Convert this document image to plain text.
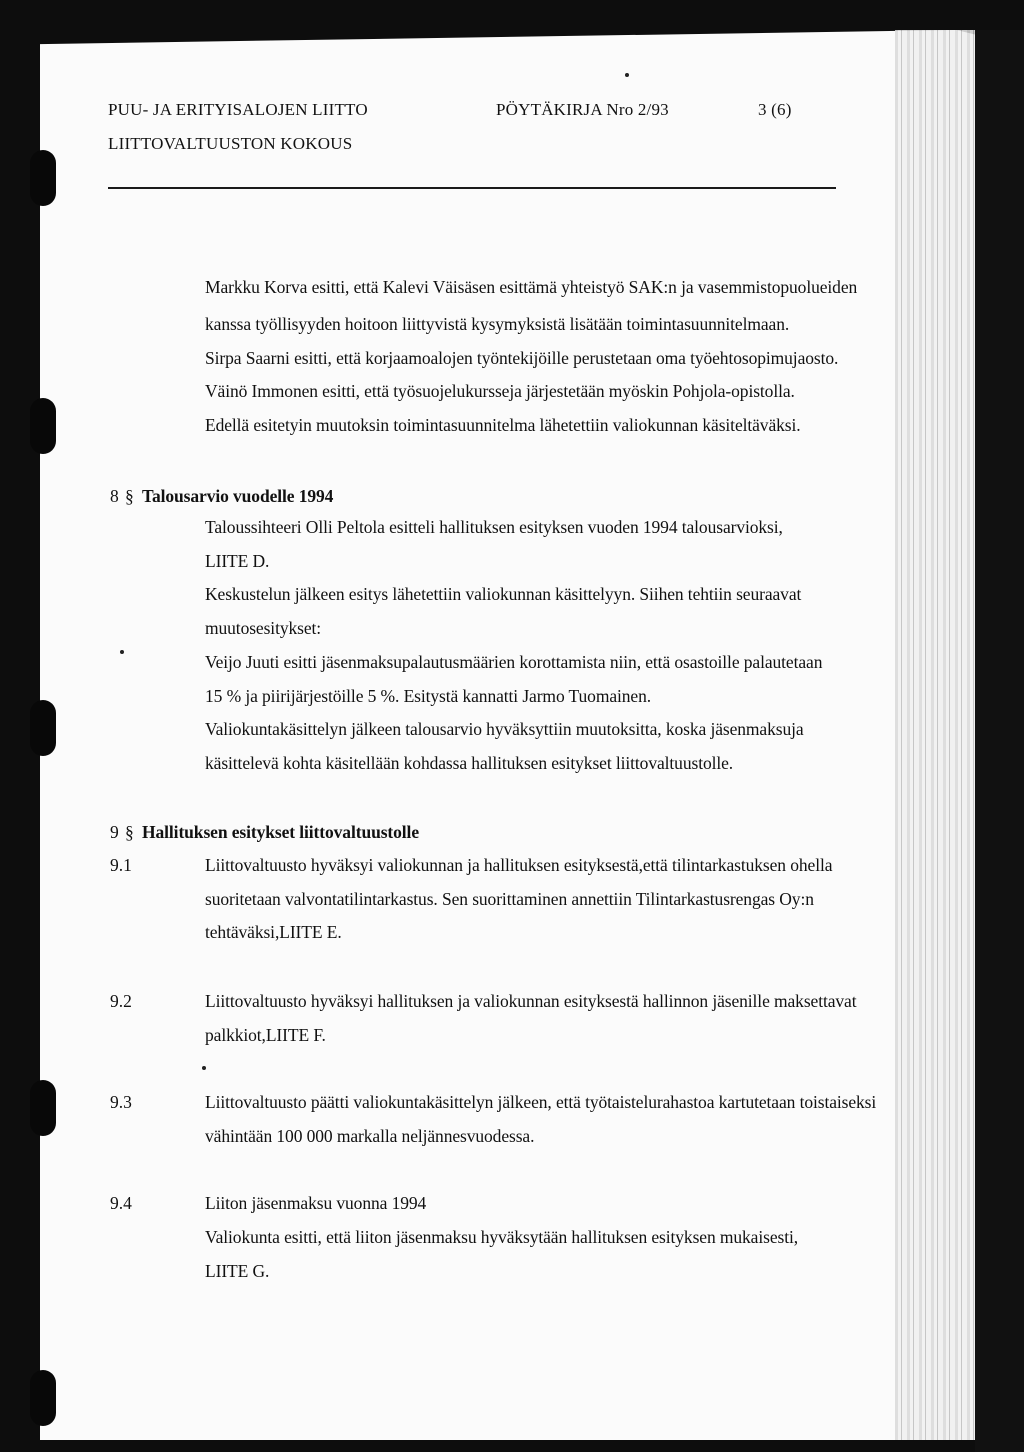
PUU- JA ERITYISALOJEN LIITTO
LIITTOVALTUUSTON KOKOUS
PÖYTÄKIRJA Nro 2/93	3 (6)
Markku Korva esitti, että Kalevi Väisäsen esittämä yhteistyö SAK:n ja vasemmistopuolueiden
kanssa työllisyyden hoitoon liittyvistä kysymyksistä lisätään toimintasuunnitelmaan.
Sirpa Saarni esitti, että korjaamoalojen työntekijöille perustetaan oma työehtosopimujaosto.
Väinö Immonen esitti, että työsuojelukursseja järjestetään myöskin Pohjola-opistolla.
Edellä esitetyin muutoksin toimintasuunnitelma lähetettiin valiokunnan käsiteltäväksi.
8 § Talousarvio vuodelle 1994
Taloussihteeri Olli Peltola esitteli hallituksen esityksen vuoden 1994 talousarvioksi,
LIITE D.
Keskustelun jälkeen esitys lähetettiin valiokunnan käsittelyyn. Siihen tehtiin seuraavat
muutosesitykset:
Veijo Juuti esitti jäsenmaksupalautusmäärien korottamista niin, että osastoille palautetaan
15 % ja piirijärjestöille 5 %. Esitystä kannatti Jarmo Tuomainen.
Valiokuntakäsittelyn jälkeen talousarvio hyväksyttiin muutoksitta, koska jäsenmaksuja
käsittelevä kohta käsitellään kohdassa hallituksen esitykset liittovaltuustolle.
9 § Hallituksen esitykset liittovaltuustolle
9.1	Liittovaltuusto hyväksyi valiokunnan ja hallituksen esityksestä,että tilintarkastuksen ohella
suoritetaan valvontatilintarkastus. Sen suorittaminen annettiin Tilintarkastusrengas Oy:n
tehtäväksi,LIITE E.
9.2	Liittovaltuusto hyväksyi hallituksen ja valiokunnan esityksestä hallinnon jäsenille maksettavat
palkkiot,LIITE F.
9.3	Liittovaltuusto päätti valiokuntakäsittelyn jälkeen, että työtaistelurahastoa kartutetaan toistaiseksi
vähintään 100 000 markalla neljännesvuodessa.
9.4	Liiton jäsenmaksu vuonna 1994
Valiokunta esitti, että liiton jäsenmaksu hyväksytään hallituksen esityksen mukaisesti,
LIITE G.
